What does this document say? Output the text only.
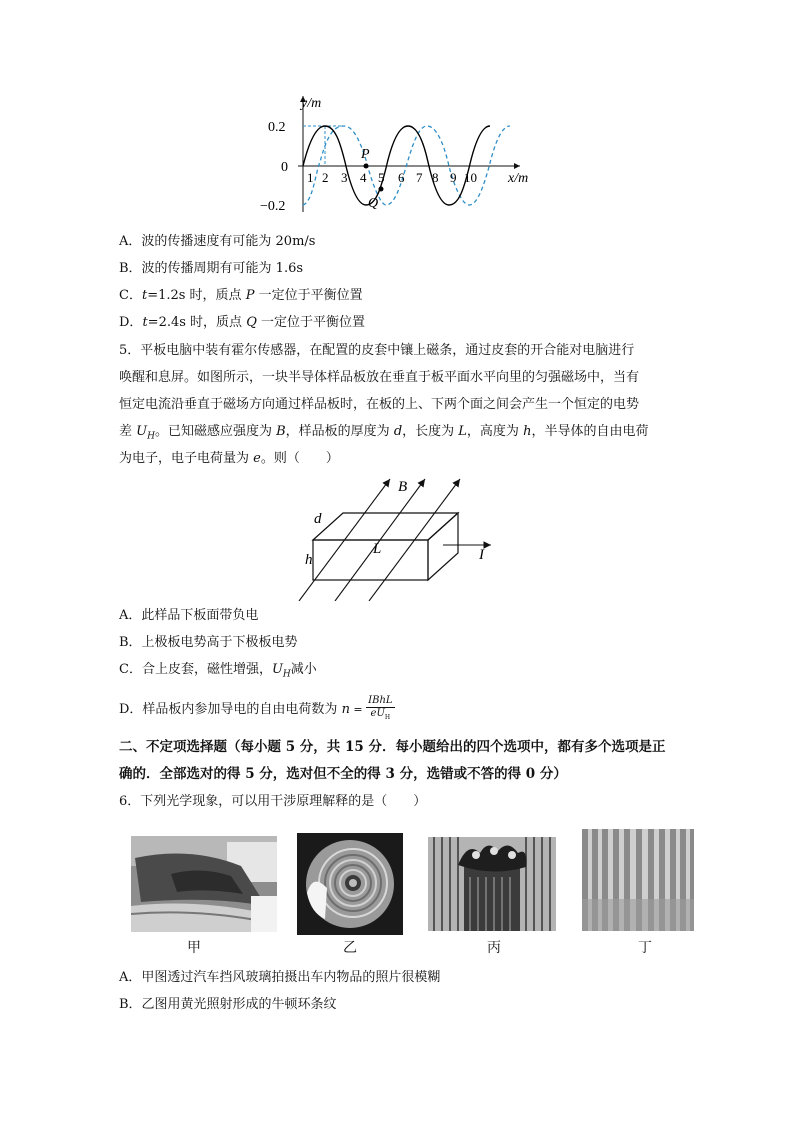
y/m
x/m
0.2
0
−0.2
1 2 3 4 5 6 7 8 9 10
P
Q
A．波的传播速度有可能为 20m/s
B．波的传播周期有可能为 1.6s
C．t=1.2s 时，质点 P 一定位于平衡位置
D．t=2.4s 时，质点 Q 一定位于平衡位置
5．平板电脑中装有霍尔传感器，在配置的皮套中镶上磁条，通过皮套的开合能对电脑进行
唤醒和息屏。如图所示，一块半导体样品板放在垂直于板平面水平向里的匀强磁场中，当有
恒定电流沿垂直于磁场方向通过样品板时，在板的上、下两个面之间会产生一个恒定的电势
差 $U_H$。已知磁感应强度为 B，样品板的厚度为 d，长度为 L，高度为 h，半导体的自由电荷
为电子，电子电荷量为 e。则（　　）
B
d
h
L	I
A．此样品下板面带负电
B．上极板电势高于下极板电势
C．合上皮套，磁性增强，$U_H$减小
D．样品板内参加导电的自由电荷数为 $n = \frac{\text{IBhL}}{eU_H}$
二、不定项选择题（每小题 5 分，共 15 分．每小题给出的四个选项中，都有多个选项是正
确的．全部选对的得 5 分，选对但不全的得 3 分，选错或不答的得 0 分）
6．下列光学现象，可以用干涉原理解释的是（　　）
甲	乙	丙	丁
A．甲图透过汽车挡风玻璃拍摄出车内物品的照片很模糊
B．乙图用黄光照射形成的牛顿环条纹
